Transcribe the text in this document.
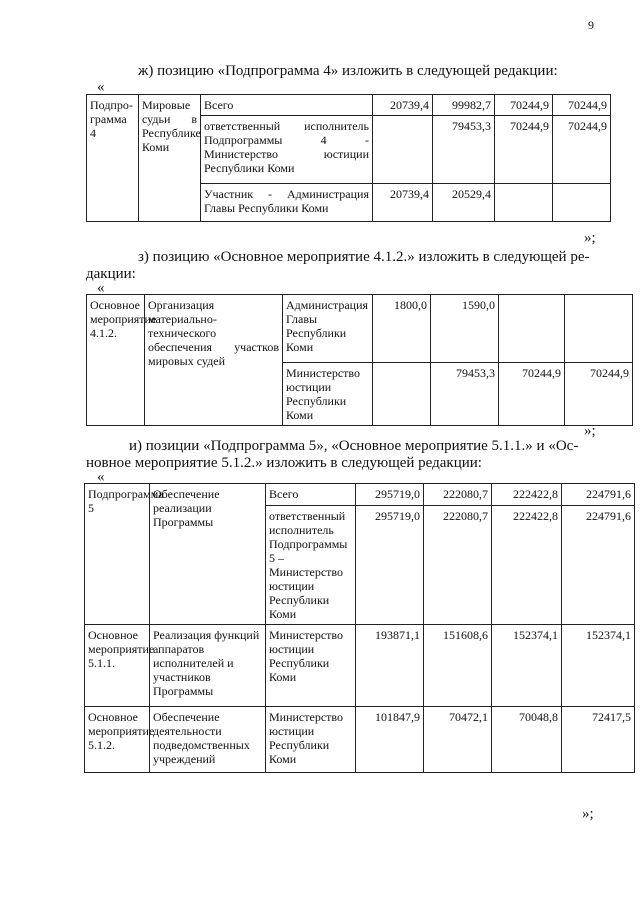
9
ж) позицию «Подпрограмма 4» изложить в следующей редакции:
«
Подпро-грамма 4	Мировые судьи в Республике Коми	Всего	20739,4	99982,7	70244,9	70244,9
		ответственный исполнитель Подпрограммы 4 - Министерство юстиции Республики Коми		79453,3	70244,9	70244,9
		Участник - Администрация Главы Республики Коми	20739,4	20529,4		
»;
з) позицию «Основное мероприятие 4.1.2.» изложить в следующей ре-
дакции:
«
Основное мероприятие 4.1.2.	Организация материально-технического обеспечения участков мировых судей	Администрация Главы Республики Коми	1800,0	1590,0		
		Министерство юстиции Республики Коми		79453,3	70244,9	70244,9
»;
и) позиции «Подпрограмма 5», «Основное мероприятие 5.1.1.» и «Ос-
новное мероприятие 5.1.2.» изложить в следующей редакции:
«
Подпрограмма 5	Обеспечение реализации Программы	Всего	295719,0	222080,7	222422,8	224791,6
		ответственный исполнитель Подпрограммы 5 – Министерство юстиции Республики Коми	295719,0	222080,7	222422,8	224791,6
Основное мероприятие 5.1.1.	Реализация функций аппаратов исполнителей и участников Программы	Министерство юстиции Республики Коми	193871,1	151608,6	152374,1	152374,1
Основное мероприятие 5.1.2.	Обеспечение деятельности подведомственных учреждений	Министерство юстиции Республики Коми	101847,9	70472,1	70048,8	72417,5
»;
